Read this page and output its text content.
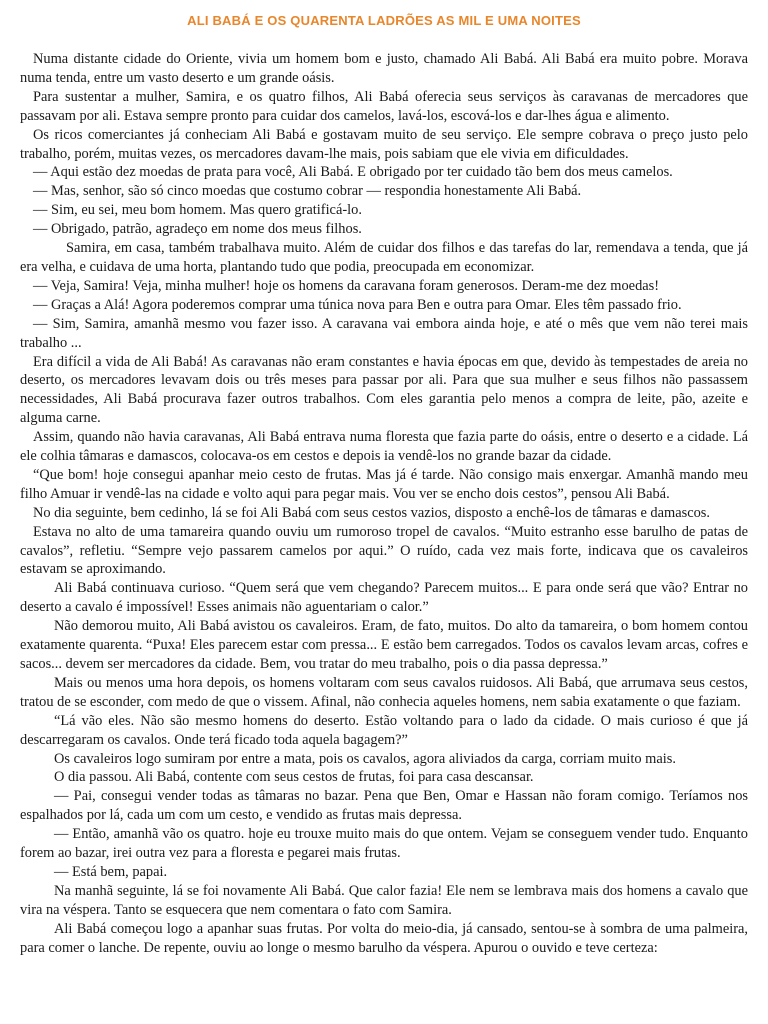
ALI BABÁ E OS QUARENTA LADRÕES AS MIL E UMA NOITES

Numa distante cidade do Oriente, vivia um homem bom e justo, chamado Ali Babá. Ali Babá era muito pobre. Morava numa tenda, entre um vasto deserto e um grande oásis.

Para sustentar a mulher, Samira, e os quatro filhos, Ali Babá oferecia seus serviços às caravanas de mercadores que passavam por ali. Estava sempre pronto para cuidar dos camelos, lavá-los, escová-los e dar-lhes água e alimento.

Os ricos comerciantes já conheciam Ali Babá e gostavam muito de seu serviço. Ele sempre cobrava o preço justo pelo trabalho, porém, muitas vezes, os mercadores davam-lhe mais, pois sabiam que ele vivia em dificuldades.

— Aqui estão dez moedas de prata para você, Ali Babá. E obrigado por ter cuidado tão bem dos meus camelos.

— Mas, senhor, são só cinco moedas que costumo cobrar — respondia honestamente Ali Babá.

— Sim, eu sei, meu bom homem. Mas quero gratificá-lo.

— Obrigado, patrão, agradeço em nome dos meus filhos.

Samira, em casa, também trabalhava muito. Além de cuidar dos filhos e das tarefas do lar, remendava a tenda, que já era velha, e cuidava de uma horta, plantando tudo que podia, preocupada em economizar.

— Veja, Samira! Veja, minha mulher! hoje os homens da caravana foram generosos. Deram-me dez moedas!

— Graças a Alá! Agora poderemos comprar uma túnica nova para Ben e outra para Omar. Eles têm passado frio.

— Sim, Samira, amanhã mesmo vou fazer isso. A caravana vai embora ainda hoje, e até o mês que vem não terei mais trabalho ...

Era difícil a vida de Ali Babá! As caravanas não eram constantes e havia épocas em que, devido às tempestades de areia no deserto, os mercadores levavam dois ou três meses para passar por ali. Para que sua mulher e seus filhos não passassem necessidades, Ali Babá procurava fazer outros trabalhos. Com eles garantia pelo menos a compra de leite, pão, azeite e alguma carne.

Assim, quando não havia caravanas, Ali Babá entrava numa floresta que fazia parte do oásis, entre o deserto e a cidade. Lá ele colhia tâmaras e damascos, colocava-os em cestos e depois ia vendê-los no grande bazar da cidade.

“Que bom! hoje consegui apanhar meio cesto de frutas. Mas já é tarde. Não consigo mais enxergar. Amanhã mando meu filho Amuar ir vendê-las na cidade e volto aqui para pegar mais. Vou ver se encho dois cestos”, pensou Ali Babá.

No dia seguinte, bem cedinho, lá se foi Ali Babá com seus cestos vazios, disposto a enchê-los de tâmaras e damascos.

Estava no alto de uma tamareira quando ouviu um rumoroso tropel de cavalos. “Muito estranho esse barulho de patas de cavalos”, refletiu. “Sempre vejo passarem camelos por aqui.” O ruído, cada vez mais forte, indicava que os cavaleiros estavam se aproximando.

Ali Babá continuava curioso. “Quem será que vem chegando? Parecem muitos... E para onde será que vão? Entrar no deserto a cavalo é impossível! Esses animais não aguentariam o calor.”

Não demorou muito, Ali Babá avistou os cavaleiros. Eram, de fato, muitos. Do alto da tamareira, o bom homem contou exatamente quarenta. “Puxa! Eles parecem estar com pressa... E estão bem carregados. Todos os cavalos levam arcas, cofres e sacos... devem ser mercadores da cidade. Bem, vou tratar do meu trabalho, pois o dia passa depressa.”

Mais ou menos uma hora depois, os homens voltaram com seus cavalos ruidosos. Ali Babá, que arrumava seus cestos, tratou de se esconder, com medo de que o vissem. Afinal, não conhecia aqueles homens, nem sabia exatamente o que faziam.

“Lá vão eles. Não são mesmo homens do deserto. Estão voltando para o lado da cidade. O mais curioso é que já descarregaram os cavalos. Onde terá ficado toda aquela bagagem?”

Os cavaleiros logo sumiram por entre a mata, pois os cavalos, agora aliviados da carga, corriam muito mais.

O dia passou. Ali Babá, contente com seus cestos de frutas, foi para casa descansar.

— Pai, consegui vender todas as tâmaras no bazar. Pena que Ben, Omar e Hassan não foram comigo. Teríamos nos espalhados por lá, cada um com um cesto, e vendido as frutas mais depressa.

— Então, amanhã vão os quatro. hoje eu trouxe muito mais do que ontem. Vejam se conseguem vender tudo. Enquanto forem ao bazar, irei outra vez para a floresta e pegarei mais frutas.

— Está bem, papai.

Na manhã seguinte, lá se foi novamente Ali Babá. Que calor fazia! Ele nem se lembrava mais dos homens a cavalo que vira na véspera. Tanto se esquecera que nem comentara o fato com Samira.

Ali Babá começou logo a apanhar suas frutas. Por volta do meio-dia, já cansado, sentou-se à sombra de uma palmeira, para comer o lanche. De repente, ouviu ao longe o mesmo barulho da véspera. Apurou o ouvido e teve certeza:
